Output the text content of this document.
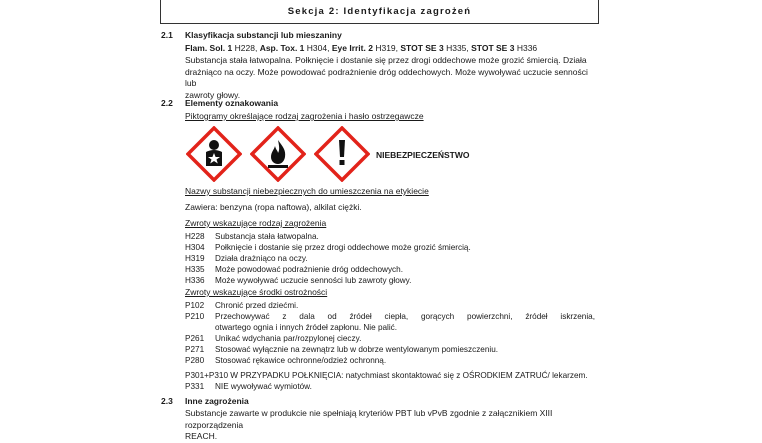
Sekcja 2: Identyfikacja zagrożeń
2.1 Klasyfikacja substancji lub mieszaniny
Flam. Sol. 1 H228, Asp. Tox. 1 H304, Eye Irrit. 2 H319, STOT SE 3 H335, STOT SE 3 H336
Substancja stała łatwopalna. Połknięcie i dostanie się przez drogi oddechowe może grozić śmiercią. Działa
drażniąco na oczy. Może powodować podrażnienie dróg oddechowych. Może wywoływać uczucie senności lub
zawroty głowy.
2.2 Elementy oznakowania
Piktogramy określające rodzaj zagrożenia i hasło ostrzegawcze
NIEBEZPIECZEŃSTWO
Nazwy substancji niebezpiecznych do umieszczenia na etykiecie
Zawiera: benzyna (ropa naftowa), alkilat ciężki.
Zwroty wskazujące rodzaj zagrożenia
H228 Substancja stała łatwopalna.
H304 Połknięcie i dostanie się przez drogi oddechowe może grozić śmiercią.
H319 Działa drażniąco na oczy.
H335 Może powodować podrażnienie dróg oddechowych.
H336 Może wywoływać uczucie senności lub zawroty głowy.
Zwroty wskazujące środki ostrożności
P102 Chronić przed dziećmi.
P210 Przechowywać z dala od źródeł ciepła, gorących powierzchni, źródeł iskrzenia,
otwartego ognia i innych źródeł zapłonu. Nie palić.
P261 Unikać wdychania par/rozpylonej cieczy.
P271 Stosować wyłącznie na zewnątrz lub w dobrze wentylowanym pomieszczeniu.
P280 Stosować rękawice ochronne/odzież ochronną.
P301+P310 W PRZYPADKU POŁKNIĘCIA: natychmiast skontaktować się z OŚRODKIEM ZATRUĆ/ lekarzem.
P331 NIE wywoływać wymiotów.
2.3 Inne zagrożenia
Substancje zawarte w produkcie nie spełniają kryteriów PBT lub vPvB zgodnie z załącznikiem XIII rozporządzenia
REACH.
